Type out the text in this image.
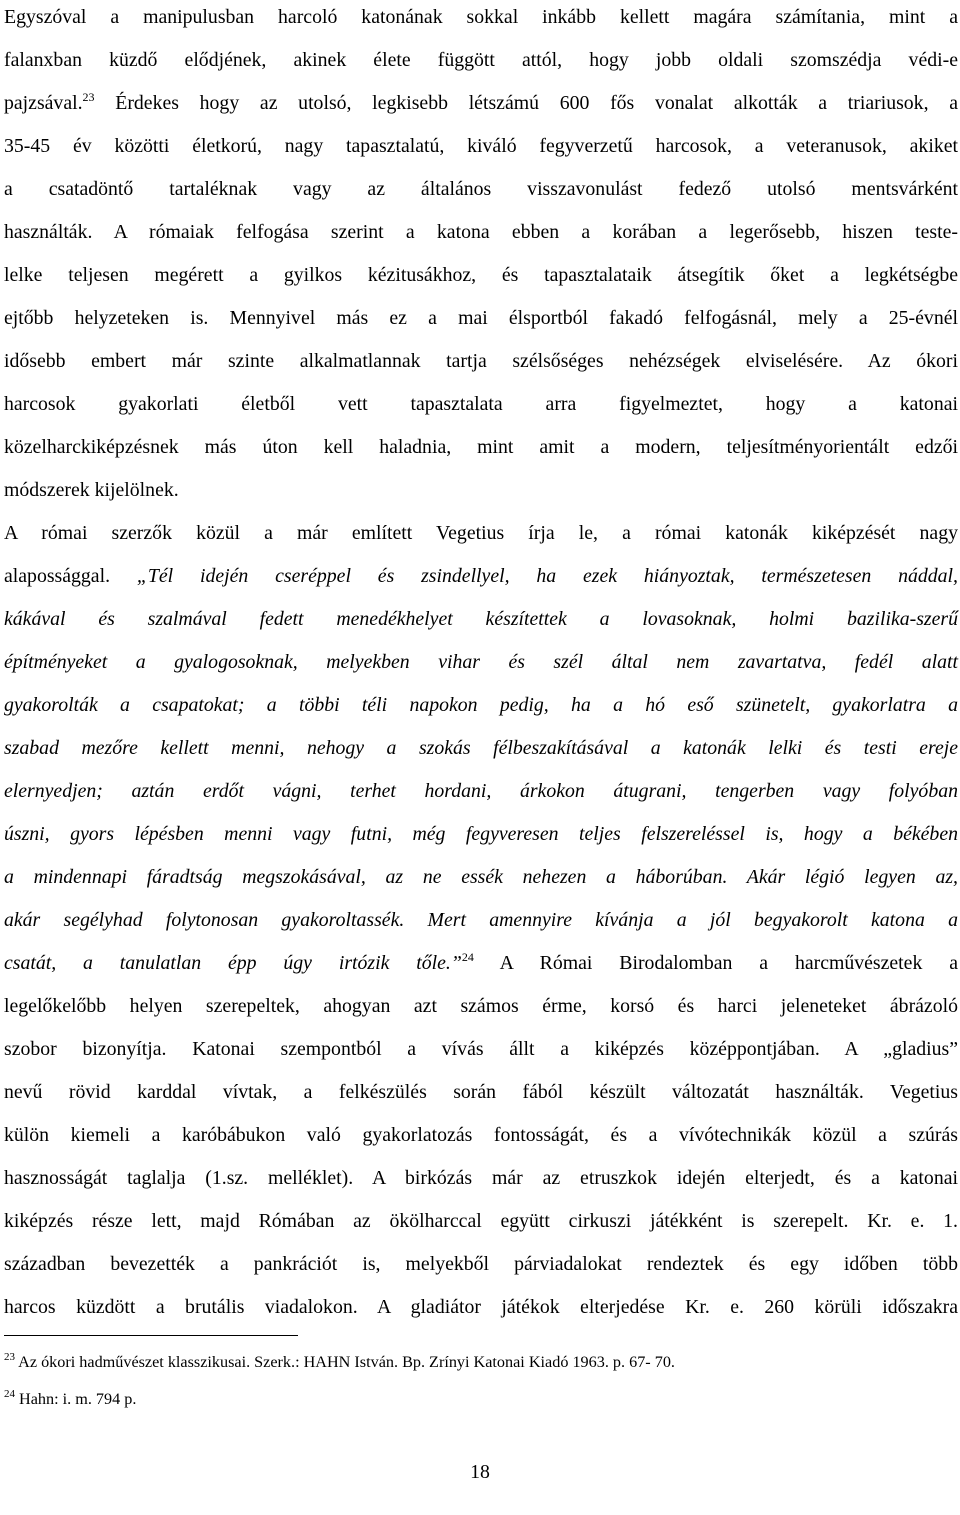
Egyszóval a manipulusban harcoló katonának sokkal inkább kellett magára számítania, mint a
falanxban küzdő elődjének, akinek élete függött attól, hogy jobb oldali szomszédja védi-e
pajzsával.$^{23}$ Érdekes hogy az utolsó, legkisebb létszámú 600 fős vonalat alkották a triariusok, a
35-45 év közötti életkorú, nagy tapasztalatú, kiváló fegyverzetű harcosok, a veteranusok, akiket
a csatadöntő tartaléknak vagy az általános visszavonulást fedező utolsó mentsvárként
használták. A rómaiak felfogása szerint a katona ebben a korában a legerősebb, hiszen teste-
lelke teljesen megérett a gyilkos kézitusákhoz, és tapasztalataik átsegítik őket a legkétségbe
ejtőbb helyzeteken is. Mennyivel más ez a mai élsportból fakadó felfogásnál, mely a 25-évnél
idősebb embert már szinte alkalmatlannak tartja szélsőséges nehézségek elviselésére. Az ókori
harcosok gyakorlati életből vett tapasztalata arra figyelmeztet, hogy a katonai
közelharckiképzésnek más úton kell haladnia, mint amit a modern, teljesítményorientált edzői
módszerek kijelölnek.
A római szerzők közül a már említett Vegetius írja le, a római katonák kiképzését nagy
alapossággal. „Tél idején cseréppel és zsindellyel, ha ezek hiányoztak, természetesen náddal,
kákával és szalmával fedett menedékhelyet készítettek a lovasoknak, holmi bazilika-szerű
építményeket a gyalogosoknak, melyekben vihar és szél által nem zavartatva, fedél alatt
gyakorolták a csapatokat; a többi téli napokon pedig, ha a hó eső szünetelt, gyakorlatra a
szabad mezőre kellett menni, nehogy a szokás félbeszakításával a katonák lelki és testi ereje
elernyedjen; aztán erdőt vágni, terhet hordani, árkokon átugrani, tengerben vagy folyóban
úszni, gyors lépésben menni vagy futni, még fegyveresen teljes felszereléssel is, hogy a békében
a mindennapi fáradtság megszokásával, az ne essék nehezen a háborúban. Akár légió legyen az,
akár segélyhad folytonosan gyakoroltassék. Mert amennyire kívánja a jól begyakorolt katona a
csatát, a tanulatlan épp úgy irtózik tőle.”$^{24}$ A Római Birodalomban a harcművészetek a
legelőkelőbb helyen szerepeltek, ahogyan azt számos érme, korsó és harci jeleneteket ábrázoló
szobor bizonyítja. Katonai szempontból a vívás állt a kiképzés középpontjában. A „gladius”
nevű rövid karddal vívtak, a felkészülés során fából készült változatát használták. Vegetius
külön kiemeli a karóbábukon való gyakorlatozás fontosságát, és a vívótechnikák közül a szúrás
hasznosságát taglalja (1.sz. melléklet). A birkózás már az etruszkok idején elterjedt, és a katonai
kiképzés része lett, majd Rómában az ökölharccal együtt cirkuszi játékként is szerepelt. Kr. e. 1.
században bevezették a pankrációt is, melyekből párviadalokat rendeztek és egy időben több
harcos küzdött a brutális viadalokon. A gladiátor játékok elterjedése Kr. e. 260 körüli időszakra
$^{23}$ Az ókori hadművészet klasszikusai. Szerk.: HAHN István. Bp. Zrínyi Katonai Kiadó 1963. p. 67- 70.
$^{24}$ Hahn: i. m. 794 p.
18
